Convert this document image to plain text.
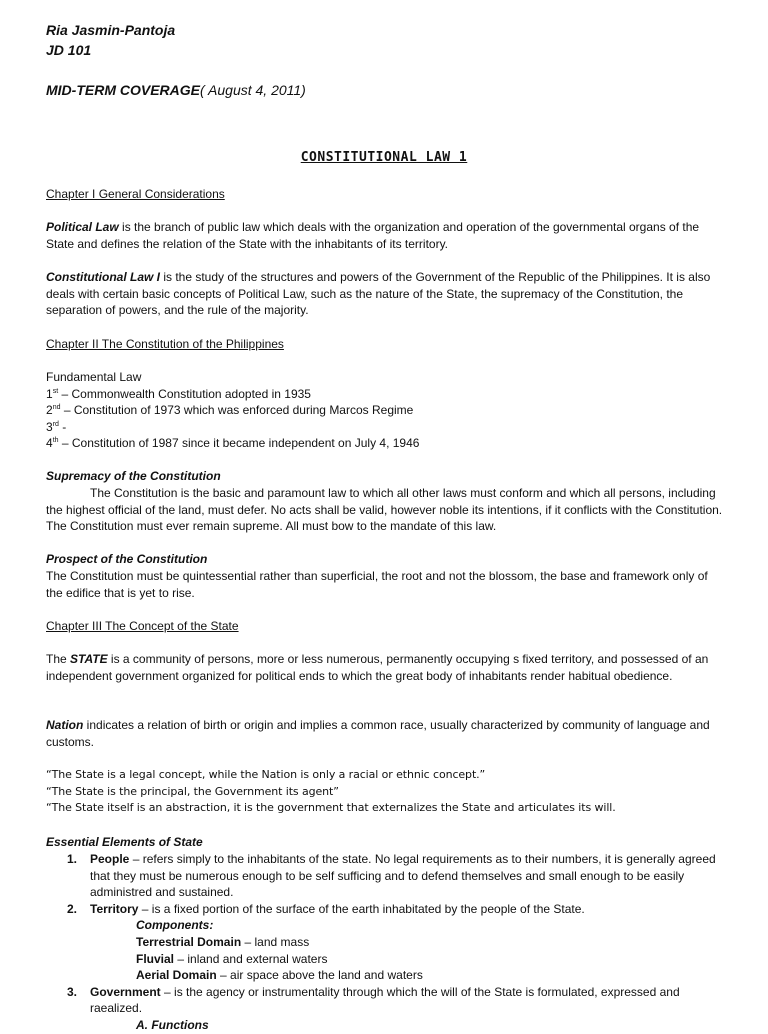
Ria Jasmin-Pantoja
JD 101
MID-TERM COVERAGE( August 4, 2011)
CONSTITUTIONAL LAW 1
Chapter I General Considerations

Political Law is the branch of public law which deals with the organization and operation of the governmental organs of the State and defines the relation of the State with the inhabitants of its territory.

Constitutional Law I is the study of the structures and powers of the Government of the Republic of the Philippines. It is also deals with certain basic concepts of Political Law, such as the nature of the State, the supremacy of the Constitution, the separation of powers, and the rule of the majority.

Chapter II The Constitution of the Philippines
Fundamental Law
1st – Commonwealth Constitution adopted in 1935
2nd – Constitution of 1973 which was enforced during Marcos Regime
3rd -
4th – Constitution of 1987 since it became independent on July 4, 1946
Supremacy of the Constitution

The Constitution is the basic and paramount law to which all other laws must conform and which all persons, including the highest official of the land, must defer. No acts shall be valid, however noble its intentions, if it conflicts with the Constitution. The Constitution must ever remain supreme. All must bow to the mandate of this law.

Prospect of the Constitution

The Constitution must be quintessential rather than superficial, the root and not the blossom, the base and framework only of the edifice that is yet to rise.

Chapter III The Concept of the State

The STATE is a community of persons, more or less numerous, permanently occupying s fixed territory, and possessed of an independent government organized for political ends to which the great body of inhabitants render habitual obedience.

Nation indicates a relation of birth or origin and implies a common race, usually characterized by community of language and customs.

“The State is a legal concept, while the Nation is only a racial or ethnic concept.”
“The State is the principal, the Government its agent”
“The State itself is an abstraction, it is the government that externalizes the State and articulates its will.
Essential Elements of State
1. People – refers simply to the inhabitants of the state. No legal requirements as to their numbers, it is generally agreed that they must be numerous enough to be self sufficing and to defend themselves and small enough to be easily administred and sustained.
2. Territory – is a fixed portion of the surface of the earth inhabitated by the people of the State.
Components:
Terrestrial Domain – land mass
Fluvial – inland and external waters
Aerial Domain – air space above the land and waters
3. Government – is the agency or instrumentality through which the will of the State is formulated, expressed and raealized.
A. Functions
